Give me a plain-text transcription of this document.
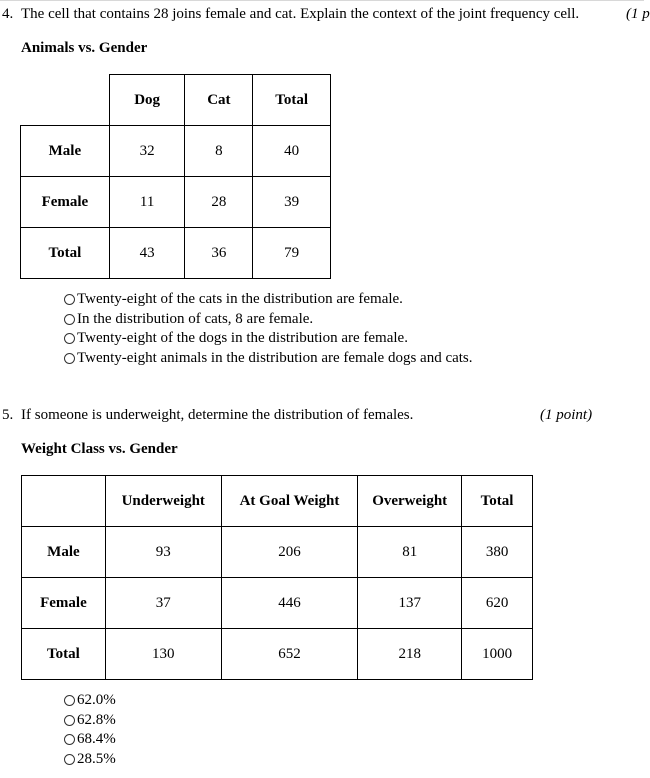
4. The cell that contains 28 joins female and cat. Explain the context of the joint frequency cell.	(1 p
Animals vs. Gender
	Dog	Cat	Total
Male	32	8	40
Female	11	28	39
Total	43	36	79
Twenty-eight of the cats in the distribution are female.
In the distribution of cats, 8 are female.
Twenty-eight of the dogs in the distribution are female.
Twenty-eight animals in the distribution are female dogs and cats.
5. If someone is underweight, determine the distribution of females.	(1 point)
Weight Class vs. Gender
	Underweight	At Goal Weight	Overweight	Total
Male	93	206	81	380
Female	37	446	137	620
Total	130	652	218	1000
62.0%
62.8%
68.4%
28.5%
